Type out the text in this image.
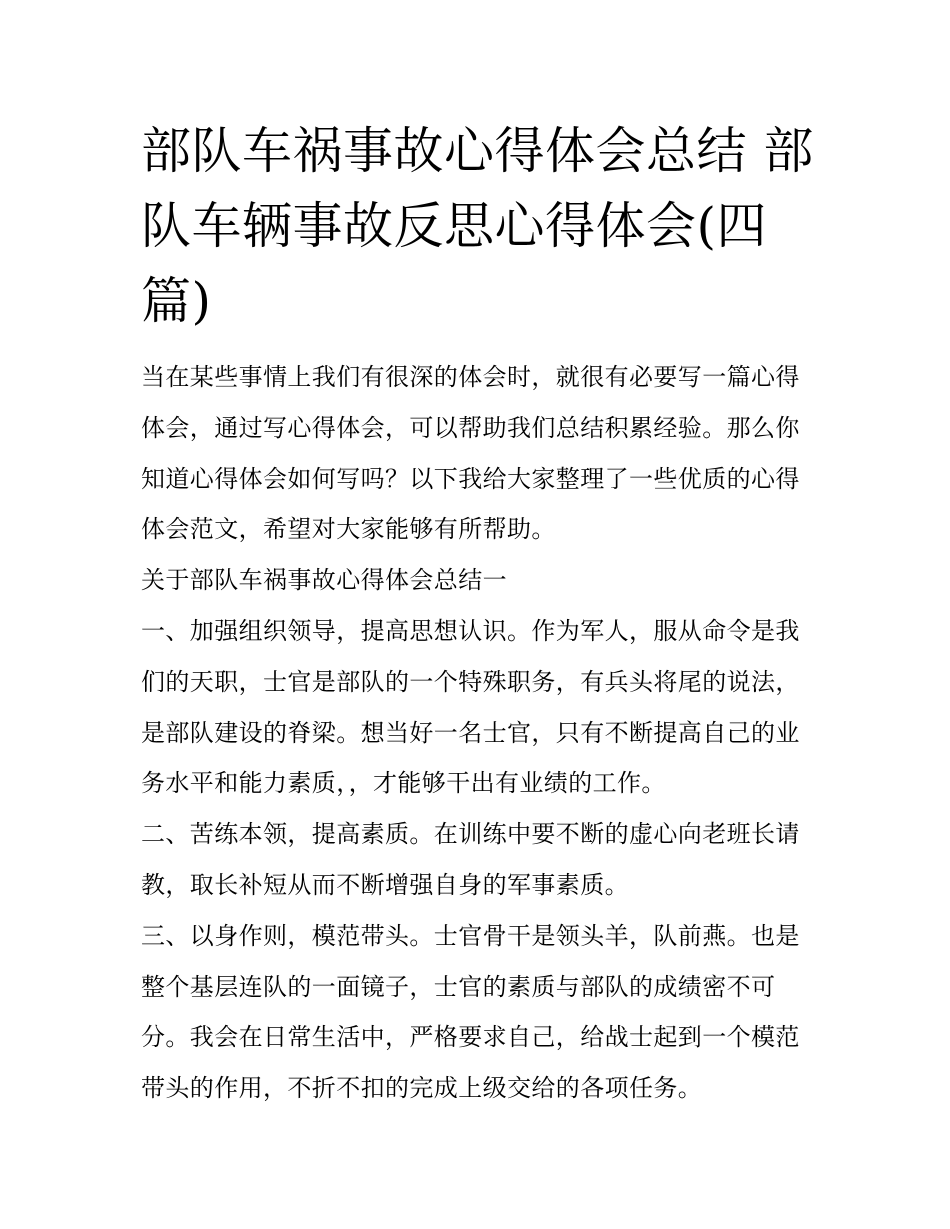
部队车祸事故心得体会总结 部队车辆事故反思心得体会(四篇)
当在某些事情上我们有很深的体会时，就很有必要写一篇心得
体会，通过写心得体会，可以帮助我们总结积累经验。那么你
知道心得体会如何写吗？以下我给大家整理了一些优质的心得
体会范文，希望对大家能够有所帮助。
关于部队车祸事故心得体会总结一
一、加强组织领导，提高思想认识。作为军人，服从命令是我
们的天职，士官是部队的一个特殊职务，有兵头将尾的说法，
是部队建设的脊梁。想当好一名士官，只有不断提高自己的业
务水平和能力素质，，才能够干出有业绩的工作。
二、苦练本领，提高素质。在训练中要不断的虚心向老班长请
教，取长补短从而不断增强自身的军事素质。
三、以身作则，模范带头。士官骨干是领头羊，队前燕。也是
整个基层连队的一面镜子，士官的素质与部队的成绩密不可
分。我会在日常生活中，严格要求自己，给战士起到一个模范
带头的作用，不折不扣的完成上级交给的各项任务。
